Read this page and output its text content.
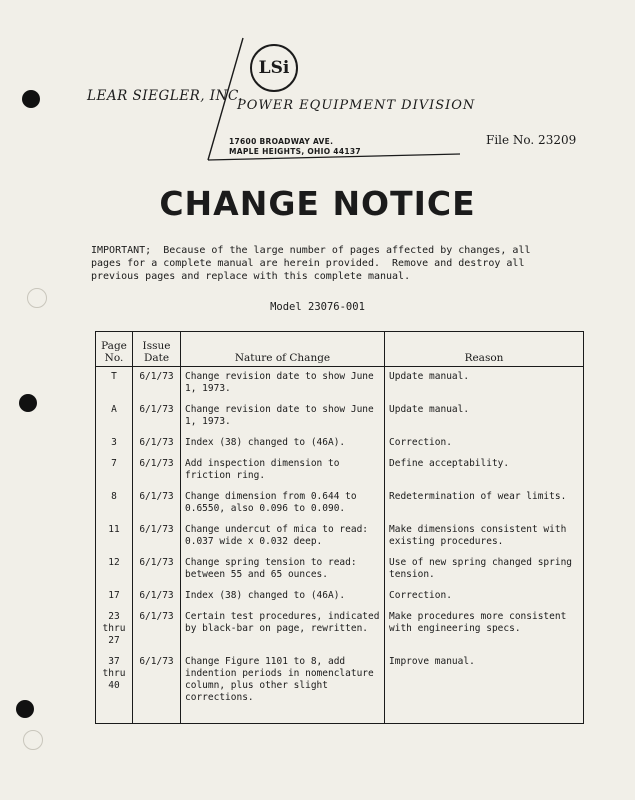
LEAR SIEGLER, INC.
LSi
POWER EQUIPMENT DIVISION
17600 BROADWAY AVE.
MAPLE HEIGHTS, OHIO 44137
File No. 23209
CHANGE NOTICE
IMPORTANT;  Because of the large number of pages affected by changes, all
pages for a complete manual are herein provided.  Remove and destroy all
previous pages and replace with this complete manual.
Model 23076-001
Page No.	Issue Date	Nature of Change	Reason
T	6/1/73	Change revision date to show June 1, 1973.	Update manual.
A	6/1/73	Change revision date to show June 1, 1973.	Update manual.
3	6/1/73	Index (38) changed to (46A).	Correction.
7	6/1/73	Add inspection dimension to friction ring.	Define acceptability.
8	6/1/73	Change dimension from 0.644 to 0.6550, also 0.096 to 0.090.	Redetermination of wear limits.
11	6/1/73	Change undercut of mica to read: 0.037 wide x 0.032 deep.	Make dimensions consistent with existing procedures.
12	6/1/73	Change spring tension to read: between 55 and 65 ounces.	Use of new spring changed spring tension.
17	6/1/73	Index (38) changed to (46A).	Correction.
23 thru 27	6/1/73	Certain test procedures, indicated by black-bar on page, rewritten.	Make procedures more consistent with engineering specs.
37 thru 40	6/1/73	Change Figure 1101 to 8, add indention periods in nomenclature column, plus other slight corrections.	Improve manual.
